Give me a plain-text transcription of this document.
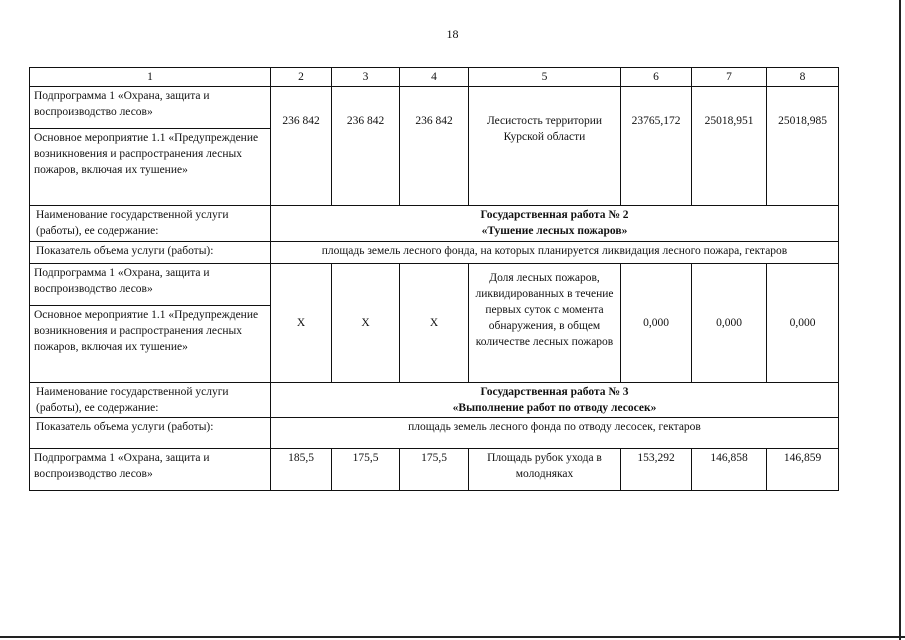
18
1	2	3	4	5	6	7	8
Подпрограмма 1 «Охрана, защита и воспроизводство лесов»	236 842	236 842	236 842	Лесистость территории Курской области	23765,172	25018,951	25018,985
Основное мероприятие 1.1 «Предупреждение возникновения и распространения лесных пожаров, включая их тушение»							
Наименование государственной услуги (работы), ее содержание:	Государственная работа № 2
«Тушение лесных пожаров»						

Показатель объема услуги (работы):	площадь земель лесного фонда, на которых планируется ликвидация лесного пожара, гектаров						
Подпрограмма 1 «Охрана, защита и воспроизводство лесов»	X	X	X	Доля лесных пожаров, ликвидированных в течение первых суток с момента обнаружения, в общем количестве лесных пожаров	0,000	0,000	0,000
Основное мероприятие 1.1 «Предупреждение возникновения и распространения лесных пожаров, включая их тушение»							
Наименование государственной услуги (работы), ее содержание:	Государственная работа № 3
«Выполнение работ по отводу лесосек»						

Показатель объема услуги (работы):	площадь земель лесного фонда по отводу лесосек, гектаров						
Подпрограмма 1 «Охрана, защита и воспроизводство лесов»	185,5	175,5	175,5	Площадь рубок ухода в молодняках	153,292	146,858	146,859
